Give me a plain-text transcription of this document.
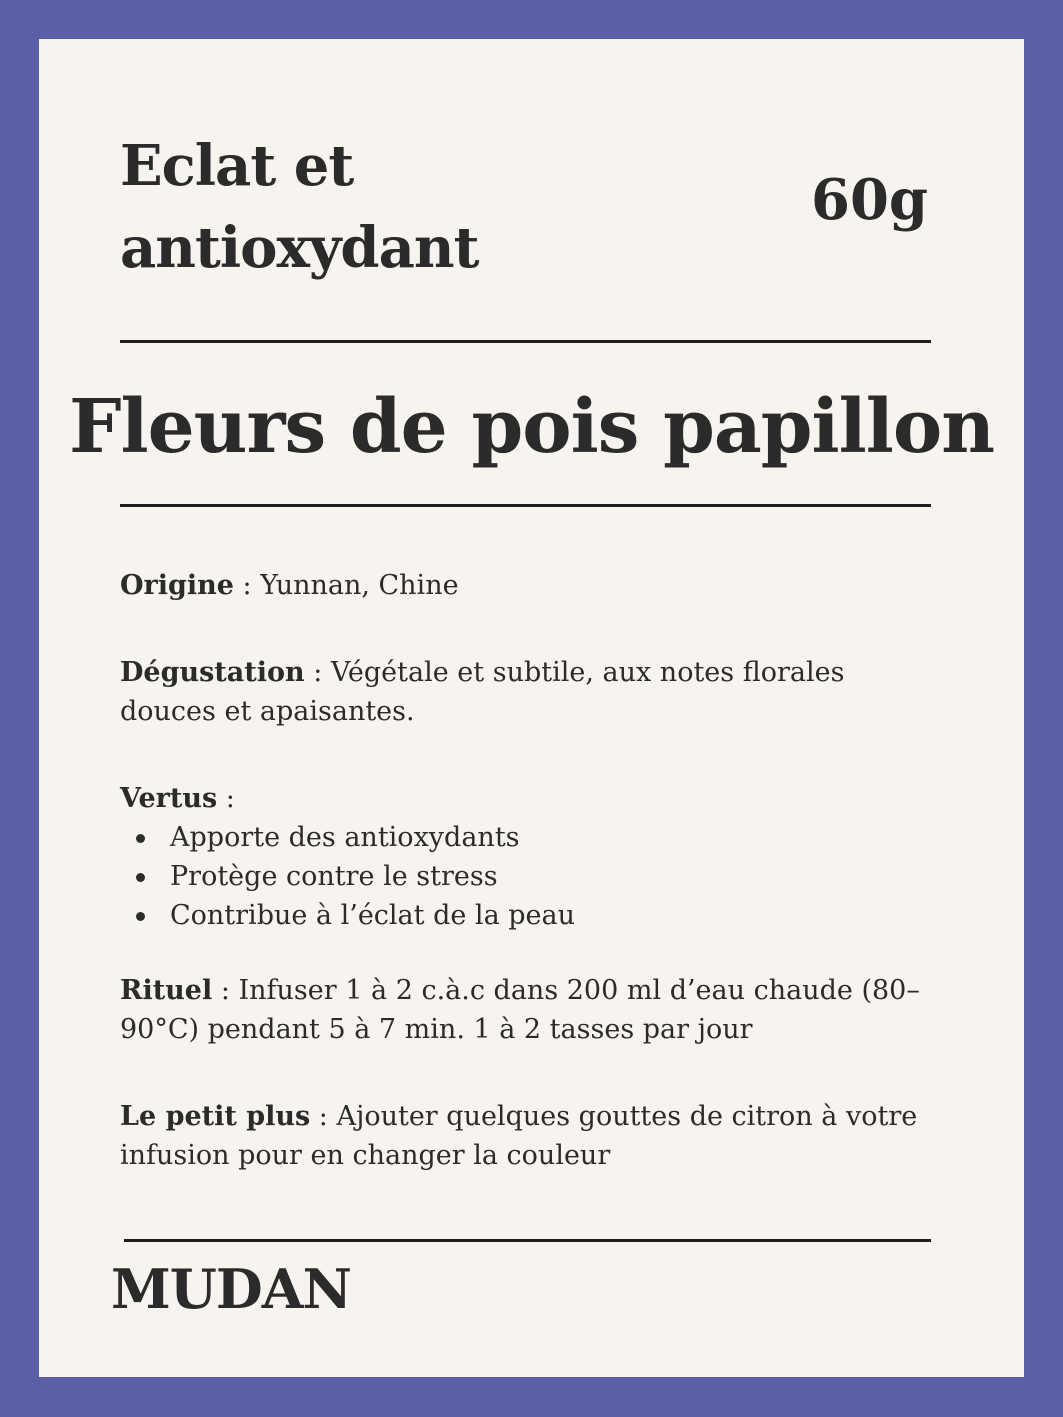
Eclat et antioxydant
60g
Fleurs de pois papillon

Origine : Yunnan, Chine

Dégustation : Végétale et subtile, aux notes florales douces et apaisantes.

Vertus :
Apporte des antioxydants
Protège contre le stress
Contribue à l’éclat de la peau

Rituel : Infuser 1 à 2 c.à.c dans 200 ml d’eau chaude (80–90°C) pendant 5 à 7 min. 1 à 2 tasses par jour

Le petit plus : Ajouter quelques gouttes de citron à votre infusion pour en changer la couleur

MUDAN
